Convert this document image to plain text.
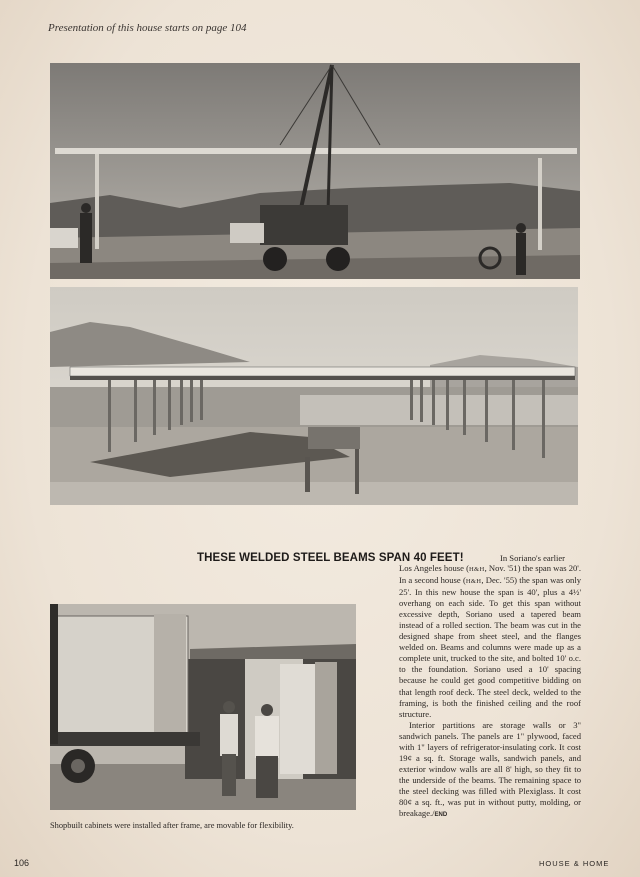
Presentation of this house starts on page 104
THESE WELDED STEEL BEAMS SPAN 40 FEET!	In Soriano's earlier

Los Angeles house (H&H, Nov. '51) the span was 20'. In a second house (H&H, Dec. '55) the span was only 25'. In this new house the span is 40', plus a 4½' overhang on each side. To get this span without excessive depth, Soriano used a tapered beam instead of a rolled section. The beam was cut in the designed shape from sheet steel, and the flanges welded on. Beams and columns were made up as a complete unit, trucked to the site, and bolted 10' o.c. to the foundation. Soriano used a 10' spacing because he could get good competitive bidding on that length roof deck. The steel deck, welded to the framing, is both the finished ceiling and the roof structure.

Interior partitions are storage walls or 3" sandwich panels. The panels are 1" plywood, faced with 1" layers of refrigerator-insulating cork. It cost 19¢ a sq. ft. Storage walls, sandwich panels, and exterior window walls are all 8' high, so they fit to the underside of the beams. The remaining space to the steel decking was filled with Plexiglass. It cost 80¢ a sq. ft., was put in without putty, molding, or breakage./END

Shopbuilt cabinets were installed after frame, are movable for flexibility.
106	HOUSE & HOME
